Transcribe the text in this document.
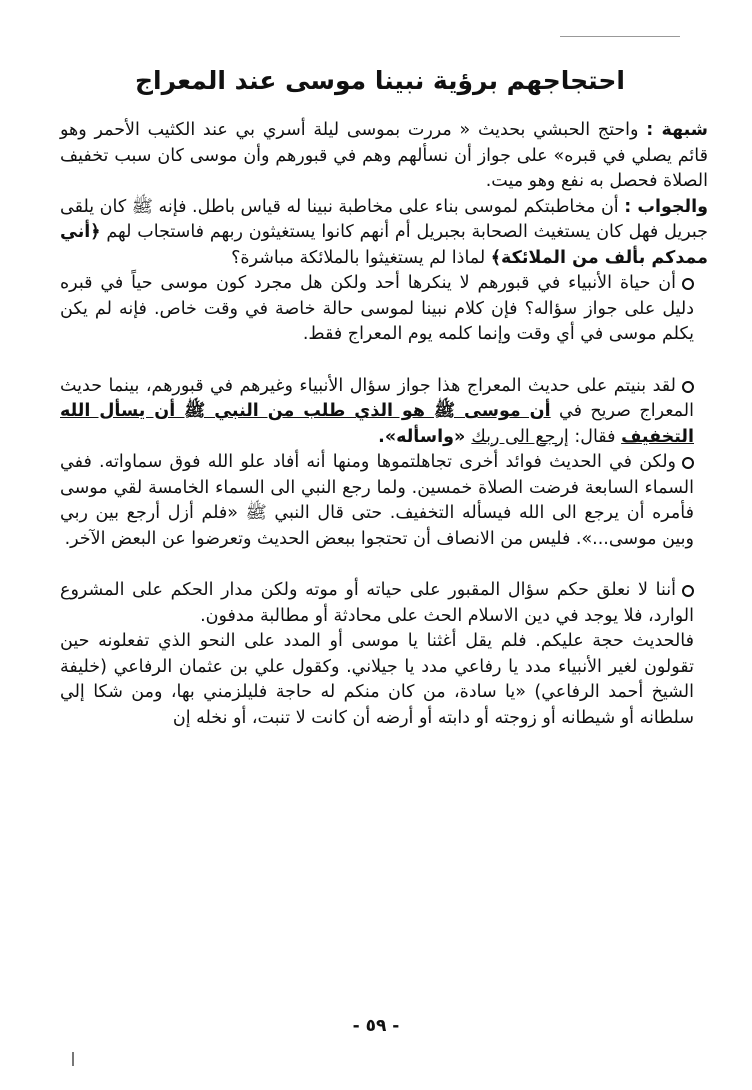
احتجاجهم برؤية نبينا موسى عند المعراج

شبهة : واحتج الحبشي بحديث « مررت بموسى ليلة أسري بي عند الكثيب الأحمر وهو قائم يصلي في قبره» على جواز أن نسألهم وهم في قبورهم وأن موسى كان سبب تخفيف الصلاة فحصل به نفع وهو ميت.

والجواب : أن مخاطبتكم لموسى بناء على مخاطبة نبينا له قياس باطل. فإنه ﷺ كان يلقى جبريل فهل كان يستغيث الصحابة بجبريل أم أنهم كانوا يستغيثون ربهم فاستجاب لهم ﴿أني ممدكم بألف من الملائكة﴾ لماذا لم يستغيثوا بالملائكة مباشرة؟

أن حياة الأنبياء في قبورهم لا ينكرها أحد ولكن هل مجرد كون موسى حياً في قبره دليل على جواز سؤاله؟ فإن كلام نبينا لموسى حالة خاصة في وقت خاص. فإنه لم يكن يكلم موسى في أي وقت وإنما كلمه يوم المعراج فقط.

لقد بنيتم على حديث المعراج هذا جواز سؤال الأنبياء وغيرهم في قبورهم، بينما حديث المعراج صريح في أن موسى ﷺ هو الذي طلب من النبي ﷺ أن يسأل الله التخفيف فقال: إرجع الى ربك «واسأله».

ولكن في الحديث فوائد أخرى تجاهلتموها ومنها أنه أفاد علو الله فوق سماواته. ففي السماء السابعة فرضت الصلاة خمسين. ولما رجع النبي الى السماء الخامسة لقي موسى فأمره أن يرجع الى الله فيسأله التخفيف. حتى قال النبي ﷺ «فلم أزل أرجع بين ربي وبين موسى...». فليس من الانصاف أن تحتجوا ببعض الحديث وتعرضوا عن البعض الآخر.

أننا لا نعلق حكم سؤال المقبور على حياته أو موته ولكن مدار الحكم على المشروع الوارد، فلا يوجد في دين الاسلام الحث على محادثة أو مطالبة مدفون.

فالحديث حجة عليكم. فلم يقل أغثنا يا موسى أو المدد على النحو الذي تفعلونه حين تقولون لغير الأنبياء مدد يا رفاعي مدد يا جيلاني. وكقول علي بن عثمان الرفاعي (خليفة الشيخ أحمد الرفاعي) «يا سادة، من كان منكم له حاجة فليلزمني بها، ومن شكا إلي سلطانه أو شيطانه أو زوجته أو دابته أو أرضه أن كانت لا تنبت، أو نخله إن

- ٥٩ -
